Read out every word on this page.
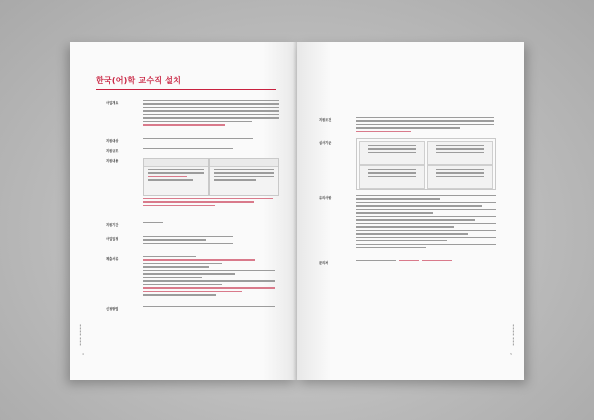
한국(어)학 교수직 설치
사업개요
지원대상
지원규모
지원내용
지원기간
사업일정
제출서류
신청방법
▮▮▮▮ ▮▮▮
4
지원조건
심사기준
유의사항
문의처
▮▮▮▮ ▮▮▮
5
